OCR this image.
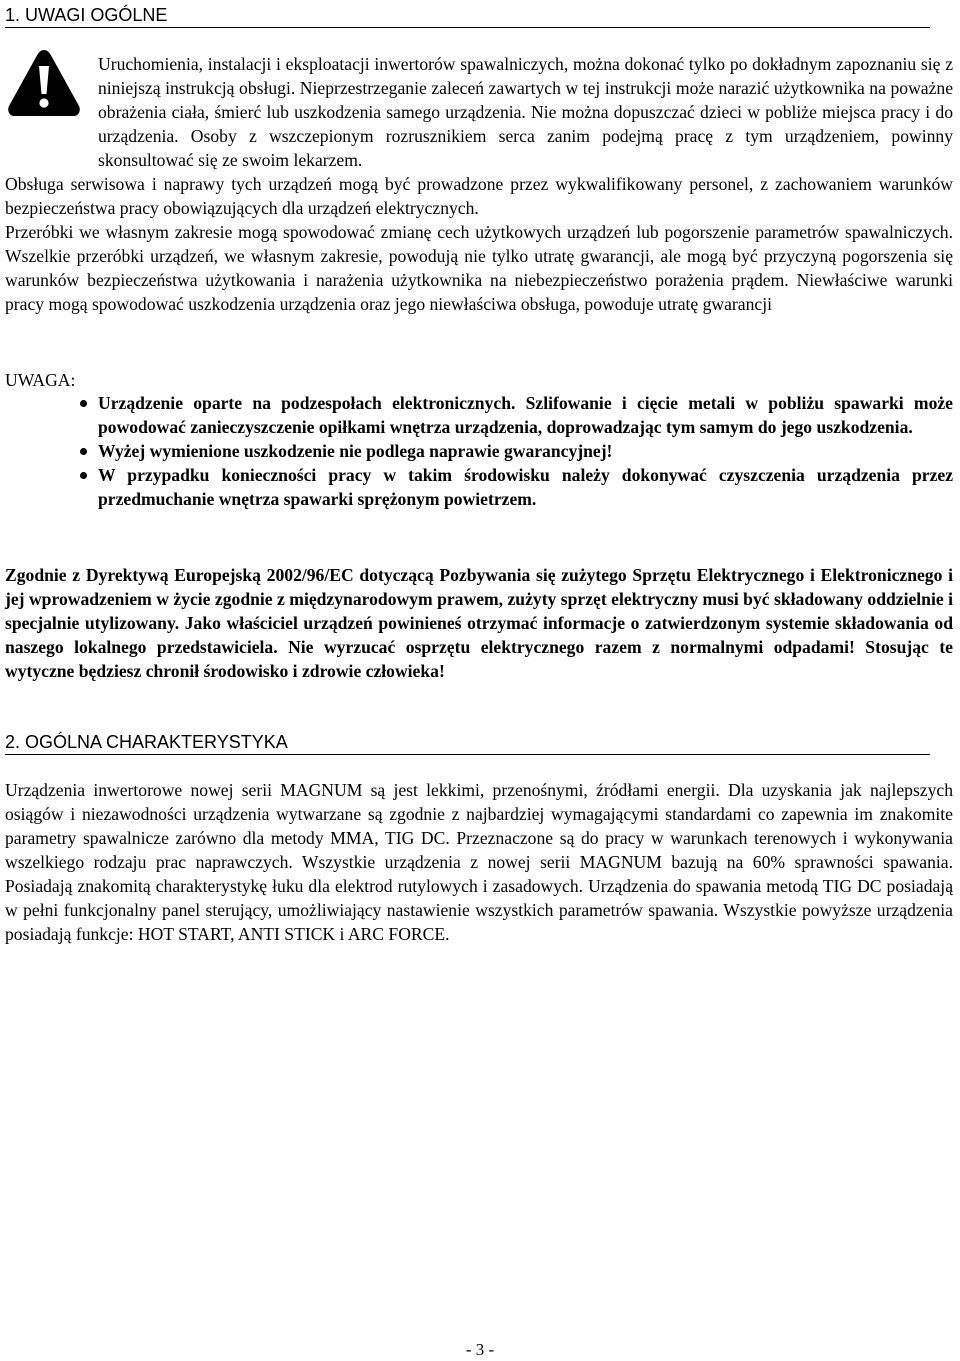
1. UWAGI OGÓLNE

Uruchomienia, instalacji i eksploatacji inwertorów spawalniczych, można dokonać tylko po dokładnym zapoznaniu się z niniejszą instrukcją obsługi. Nieprzestrzeganie zaleceń zawartych w tej instrukcji może narazić użytkownika na poważne obrażenia ciała, śmierć lub uszkodzenia samego urządzenia. Nie można dopuszczać dzieci w pobliże miejsca pracy i do urządzenia. Osoby z wszczepionym rozrusznikiem serca zanim podejmą pracę z tym urządzeniem, powinny skonsultować się ze swoim lekarzem.

Obsługa serwisowa i naprawy tych urządzeń mogą być prowadzone przez wykwalifikowany personel, z zachowaniem warunków bezpieczeństwa pracy obowiązujących dla urządzeń elektrycznych.

Przeróbki we własnym zakresie mogą spowodować zmianę cech użytkowych urządzeń lub pogorszenie parametrów spawalniczych. Wszelkie przeróbki urządzeń, we własnym zakresie, powodują nie tylko utratę gwarancji, ale mogą być przyczyną pogorszenia się warunków bezpieczeństwa użytkowania i narażenia użytkownika na niebezpieczeństwo porażenia prądem. Niewłaściwe warunki pracy mogą spowodować uszkodzenia urządzenia oraz jego niewłaściwa obsługa, powoduje utratę gwarancji

UWAGA:
Urządzenie oparte na podzespołach elektronicznych. Szlifowanie i cięcie metali w pobliżu spawarki może powodować zanieczyszczenie opiłkami wnętrza urządzenia, doprowadzając tym samym do jego uszkodzenia.
Wyżej wymienione uszkodzenie nie podlega naprawie gwarancyjnej!
W przypadku konieczności pracy w takim środowisku należy dokonywać czyszczenia urządzenia przez przedmuchanie wnętrza spawarki sprężonym powietrzem.

Zgodnie z Dyrektywą Europejską 2002/96/EC dotyczącą Pozbywania się zużytego Sprzętu Elektrycznego i Elektronicznego i jej wprowadzeniem w życie zgodnie z międzynarodowym prawem, zużyty sprzęt elektryczny musi być składowany oddzielnie i specjalnie utylizowany. Jako właściciel urządzeń powinieneś otrzymać informacje o zatwierdzonym systemie składowania od naszego lokalnego przedstawiciela. Nie wyrzucać osprzętu elektrycznego razem z normalnymi odpadami! Stosując te wytyczne będziesz chronił środowisko i zdrowie człowieka!

2. OGÓLNA CHARAKTERYSTYKA

Urządzenia inwertorowe nowej serii MAGNUM są jest lekkimi, przenośnymi, źródłami energii. Dla uzyskania jak najlepszych osiągów i niezawodności urządzenia wytwarzane są zgodnie z najbardziej wymagającymi standardami co zapewnia im znakomite parametry spawalnicze zarówno dla metody MMA, TIG DC. Przeznaczone są do pracy w warunkach terenowych i wykonywania wszelkiego rodzaju prac naprawczych. Wszystkie urządzenia z nowej serii MAGNUM bazują na 60% sprawności spawania. Posiadają znakomitą charakterystykę łuku dla elektrod rutylowych i zasadowych. Urządzenia do spawania metodą TIG DC posiadają w pełni funkcjonalny panel sterujący, umożliwiający nastawienie wszystkich parametrów spawania. Wszystkie powyższe urządzenia posiadają funkcje: HOT START, ANTI STICK i ARC FORCE.

- 3 -
